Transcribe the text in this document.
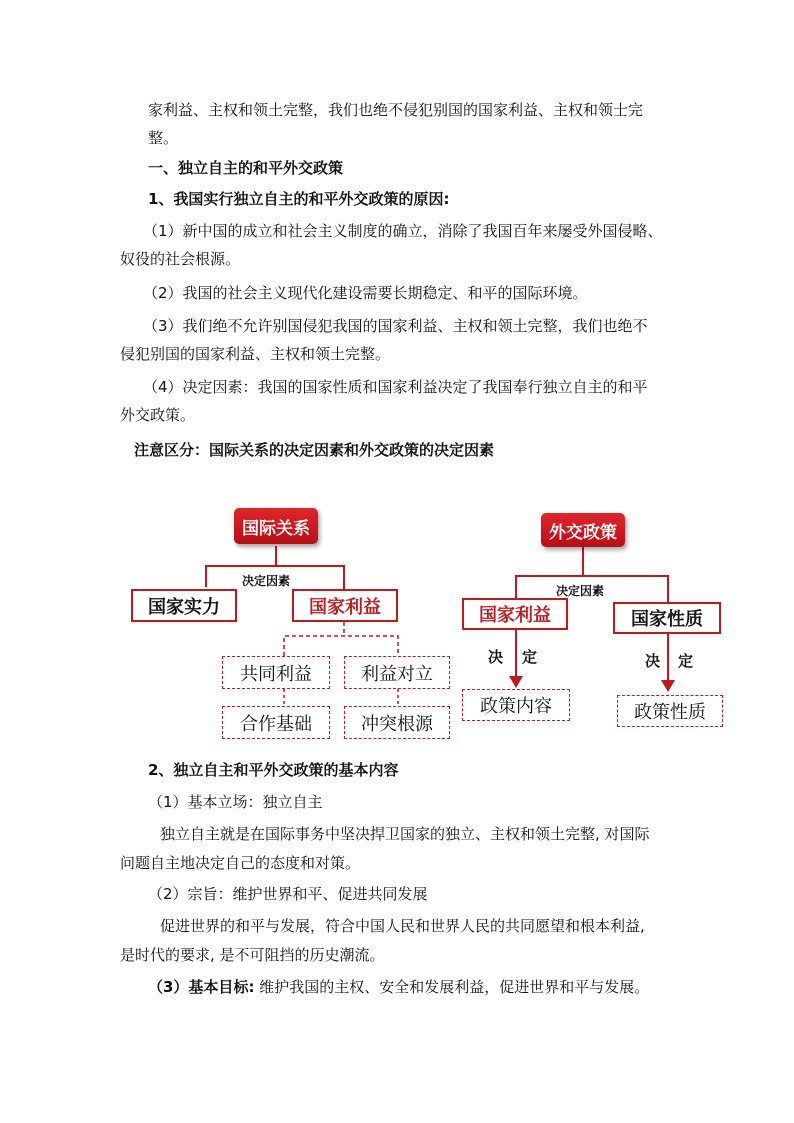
家利益、主权和领土完整，我们也绝不侵犯别国的国家利益、主权和领士完
整。
一、独立自主的和平外交政策
1、我国实行独立自主的和平外交政策的原因:
（1）新中国的成立和社会主义制度的确立，消除了我国百年来屡受外国侵略、
奴役的社会根源。
（2）我国的社会主义现代化建设需要长期稳定、和平的国际环境。
（3）我们绝不允许别国侵犯我国的国家利益、主权和领土完整，我们也绝不
侵犯别国的国家利益、主权和领土完整。
（4）决定因素：我国的国家性质和国家利益决定了我国奉行独立自主的和平
外交政策。
注意区分：国际关系的决定因素和外交政策的决定因素
国际关系
决定因素
国家实力	国家利益
共同利益	利益对立
合作基础	冲突根源
外交政策
决定因素
国家利益	国家性质
决 定	决 定
政策内容	政策性质
2、独立自主和平外交政策的基本内容
（1）基本立场：独立自主
独立自主就是在国际事务中坚决捍卫国家的独立、主权和领土完整, 对国际
问题自主地决定自己的态度和对策。
（2）宗旨：维护世界和平、促进共同发展
促进世界的和平与发展，符合中国人民和世界人民的共同愿望和根本利益,
是时代的要求, 是不可阻挡的历史潮流。
（3）基本目标: 维护我国的主权、安全和发展利益，促进世界和平与发展。
